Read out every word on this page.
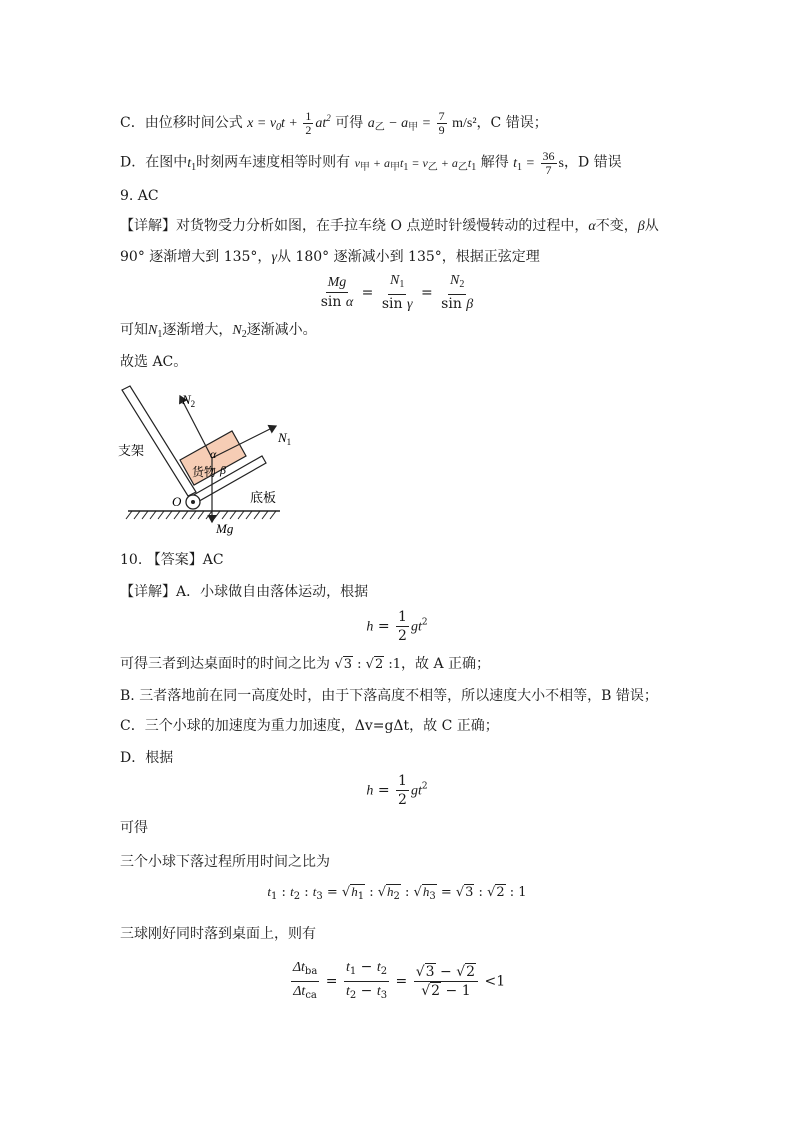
C．由位移时间公式 $x = v_0t + \frac{1}{2} at^2$ 可得 $a_乙 - a_甲 = \frac{7}{9} m/s^2$，C 错误；
D．在图中$t_1$时刻两车速度相等时则有 $v_甲 + a_甲t_1 = v_乙 + a_乙t_1$ 解得 $t_1 = \frac{36}{7}$ s，D 错误
9. AC
【详解】对货物受力分析如图，在手拉车绕 O 点逆时针缓慢转动的过程中，α不变，β从
90° 逐渐增大到 135°，γ从 180° 逐渐减小到 135°，根据正弦定理
$\frac{Mg}{\text{sin α}} = \frac{N_1}{\text{sin γ}} = \frac{N_2}{\text{sin β}}$
可知$N_1$逐渐增大，$N_2$逐渐减小。
故选 AC。
支架
$N_2$
$N_1$
α
货物 β
O	底板
Mg
10. 【答案】AC
【详解】A．小球做自由落体运动，根据
$h = \frac{1}{2} gt^2$
可得三者到达桌面时的时间之比为 √3 : √2 :1，故 A 正确；
B. 三者落地前在同一高度处时，由于下落高度不相等，所以速度大小不相等，B 错误；
C．三个小球的加速度为重力加速度，Δv=gΔt，故 C 正确；
D．根据
$h = \frac{1}{2} gt^2$
可得
三个小球下落过程所用时间之比为
$t_1$ : $t_2$ : $t_3 = √h_1$ : $√h_2$ : $√h_3 = √3$ : √2 : 1
三球刚好同时落到桌面上，则有
$\frac{\Delta t_{ba}}{\Delta t_{ca}} = \frac{t_1 - t_2}{t_2 - t_3} = \frac{√3 - √2}{√2 - 1} <1$
